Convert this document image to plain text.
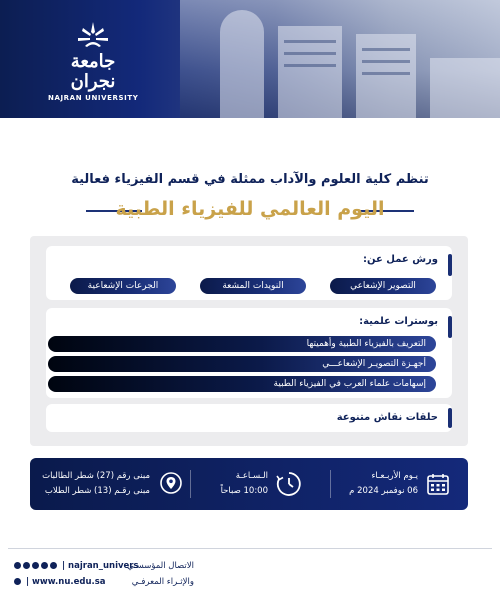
جامعة نجران
NAJRAN UNIVERSITY
تنظم كلية العلوم والآداب ممثلة في قسم الفيزياء فعالية
اليوم العالمي للفيزياء الطبية
ورش عمل عن:
التصوير الإشعاعي
النويدات المشعة
الجرعات الإشعاعية
بوسترات علمية:
التعريف بالفيزياء الطبية وأهميتها
أجهـزة التصويـر الإشعاعـــي
إسهامات علماء العرب في الفيزياء الطبية
حلقات نقاش متنوعة
يـوم الأربـعـاء
06 نوفمبر 2024 م
الـسـاعـة
10:00 صباحاً
مبنى رقم (27) شطر الطالبات
مبنى رقـم (13) شطر الطلاب
| najran_univers
| www.nu.edu.sa
الاتصال المؤسسـي
والإثـراء المعرفـي
